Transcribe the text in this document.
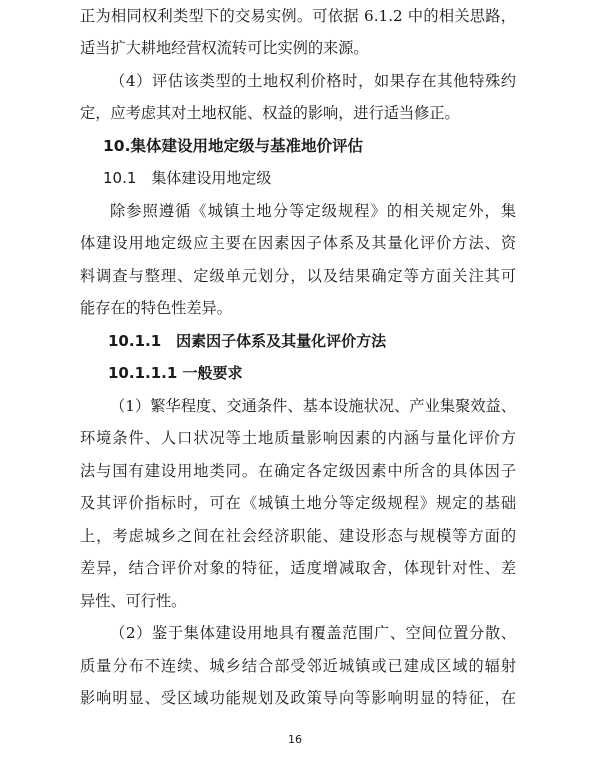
正为相同权利类型下的交易实例。可依据 6.1.2 中的相关思路，
适当扩大耕地经营权流转可比实例的来源。
（4）评估该类型的土地权利价格时，如果存在其他特殊约
定，应考虑其对土地权能、权益的影响，进行适当修正。
10.集体建设用地定级与基准地价评估
10.1　集体建设用地定级
除参照遵循《城镇土地分等定级规程》的相关规定外，集
体建设用地定级应主要在因素因子体系及其量化评价方法、资
料调查与整理、定级单元划分，以及结果确定等方面关注其可
能存在的特色性差异。
10.1.1　因素因子体系及其量化评价方法
10.1.1.1 一般要求
（1）繁华程度、交通条件、基本设施状况、产业集聚效益、
环境条件、人口状况等土地质量影响因素的内涵与量化评价方
法与国有建设用地类同。在确定各定级因素中所含的具体因子
及其评价指标时，可在《城镇土地分等定级规程》规定的基础
上，考虑城乡之间在社会经济职能、建设形态与规模等方面的
差异，结合评价对象的特征，适度增减取舍，体现针对性、差
异性、可行性。
（2）鉴于集体建设用地具有覆盖范围广、空间位置分散、
质量分布不连续、城乡结合部受邻近城镇或已建成区域的辐射
影响明显、受区域功能规划及政策导向等影响明显的特征，在
16
